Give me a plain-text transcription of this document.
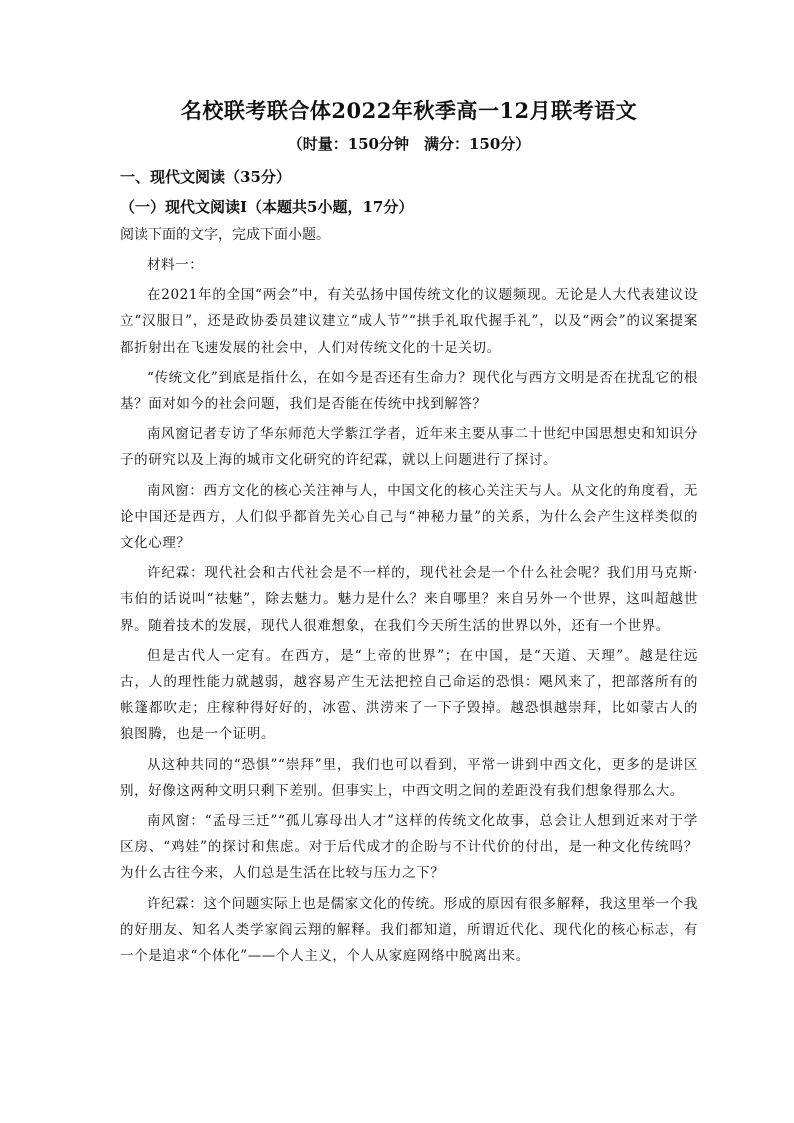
名校联考联合体2022年秋季高一12月联考语文

（时量：150分钟　满分：150分）

一、现代文阅读（35分）

（一）现代文阅读Ⅰ（本题共5小题，17分）

阅读下面的文字，完成下面小题。

材料一：

在2021年的全国“两会”中，有关弘扬中国传统文化的议题频现。无论是人大代表建议设立“汉服日”，还是政协委员建议建立“成人节”“拱手礼取代握手礼”，以及“两会”的议案提案都折射出在飞速发展的社会中，人们对传统文化的十足关切。

“传统文化”到底是指什么，在如今是否还有生命力？现代化与西方文明是否在扰乱它的根基？面对如今的社会问题，我们是否能在传统中找到解答？

南风窗记者专访了华东师范大学紫江学者，近年来主要从事二十世纪中国思想史和知识分子的研究以及上海的城市文化研究的许纪霖，就以上问题进行了探讨。

南风窗：西方文化的核心关注神与人，中国文化的核心关注天与人。从文化的角度看，无论中国还是西方，人们似乎都首先关心自己与“神秘力量”的关系，为什么会产生这样类似的文化心理？

许纪霖：现代社会和古代社会是不一样的，现代社会是一个什么社会呢？我们用马克斯·韦伯的话说叫“祛魅”，除去魅力。魅力是什么？来自哪里？来自另外一个世界，这叫超越世界。随着技术的发展，现代人很难想象，在我们今天所生活的世界以外，还有一个世界。

但是古代人一定有。在西方，是“上帝的世界”；在中国，是“天道、天理”。越是往远古，人的理性能力就越弱，越容易产生无法把控自己命运的恐惧：飓风来了，把部落所有的帐篷都吹走；庄稼种得好好的，冰雹、洪涝来了一下子毁掉。越恐惧越崇拜，比如蒙古人的狼图腾，也是一个证明。

从这种共同的“恐惧”“崇拜”里，我们也可以看到，平常一讲到中西文化，更多的是讲区别，好像这两种文明只剩下差别。但事实上，中西文明之间的差距没有我们想象得那么大。

南风窗：“孟母三迁”“孤儿寡母出人才”这样的传统文化故事，总会让人想到近来对于学区房、“鸡娃”的探讨和焦虑。对于后代成才的企盼与不计代价的付出，是一种文化传统吗？为什么古往今来，人们总是生活在比较与压力之下？

许纪霖：这个问题实际上也是儒家文化的传统。形成的原因有很多解释，我这里举一个我的好朋友、知名人类学家阎云翔的解释。我们都知道，所谓近代化、现代化的核心标志，有一个是追求“个体化”——个人主义，个人从家庭网络中脱离出来。
